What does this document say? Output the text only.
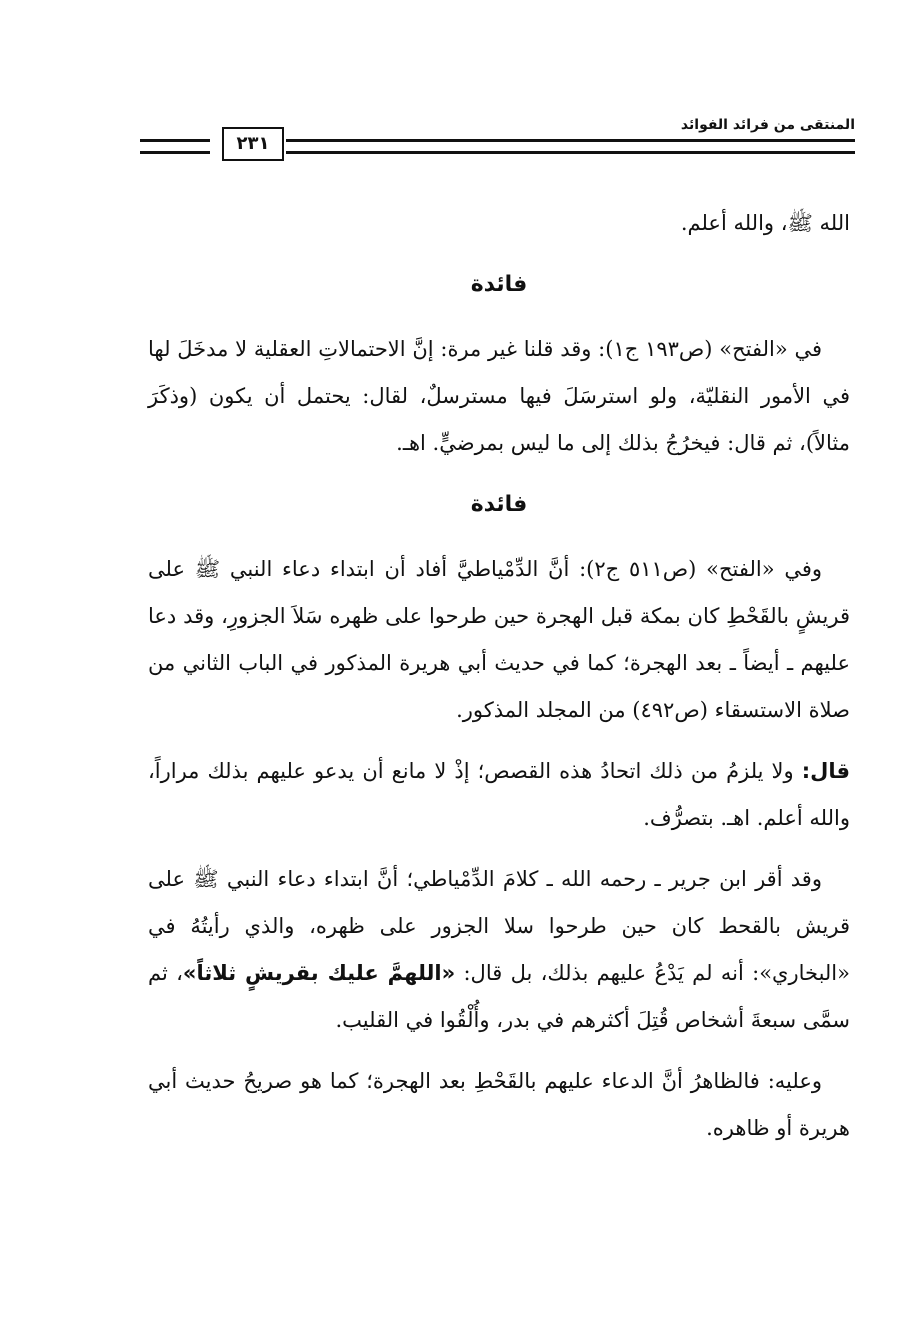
المنتقى من فرائد الفوائد
٢٣١

الله ﷺ، والله أعلم.

فائدة

في «الفتح» (ص١٩٣ ج١): وقد قلنا غير مرة: إنَّ الاحتمالاتِ العقلية لا مدخَلَ لها في الأمور النقليّة، ولو استرسَلَ فيها مسترسلٌ، لقال: يحتمل أن يكون (وذكَرَ مثالاً)، ثم قال: فيخرُجُ بذلك إلى ما ليس بمرضيٍّ. اهـ.

فائدة

وفي «الفتح» (ص٥١١ ج٢): أنَّ الدِّمْياطيَّ أفاد أن ابتداء دعاء النبي ﷺ على قريشٍ بالقَحْطِ كان بمكة قبل الهجرة حين طرحوا على ظهره سَلاَ الجزورِ، وقد دعا عليهم ـ أيضاً ـ بعد الهجرة؛ كما في حديث أبي هريرة المذكور في الباب الثاني من صلاة الاستسقاء (ص٤٩٢) من المجلد المذكور.

قال: ولا يلزمُ من ذلك اتحادُ هذه القصص؛ إذْ لا مانع أن يدعو عليهم بذلك مراراً، والله أعلم. اهـ. بتصرُّف.

وقد أقر ابن جرير ـ رحمه الله ـ كلامَ الدِّمْياطي؛ أنَّ ابتداء دعاء النبي ﷺ على قريش بالقحط كان حين طرحوا سلا الجزور على ظهره، والذي رأيتُهُ في «البخاري»: أنه لم يَدْعُ عليهم بذلك، بل قال: «اللهمَّ عليك بقريشٍ ثلاثاً»، ثم سمَّى سبعةَ أشخاص قُتِلَ أكثرهم في بدر، وأُلْقُوا في القليب.

وعليه: فالظاهرُ أنَّ الدعاء عليهم بالقَحْطِ بعد الهجرة؛ كما هو صريحُ حديث أبي هريرة أو ظاهره.
